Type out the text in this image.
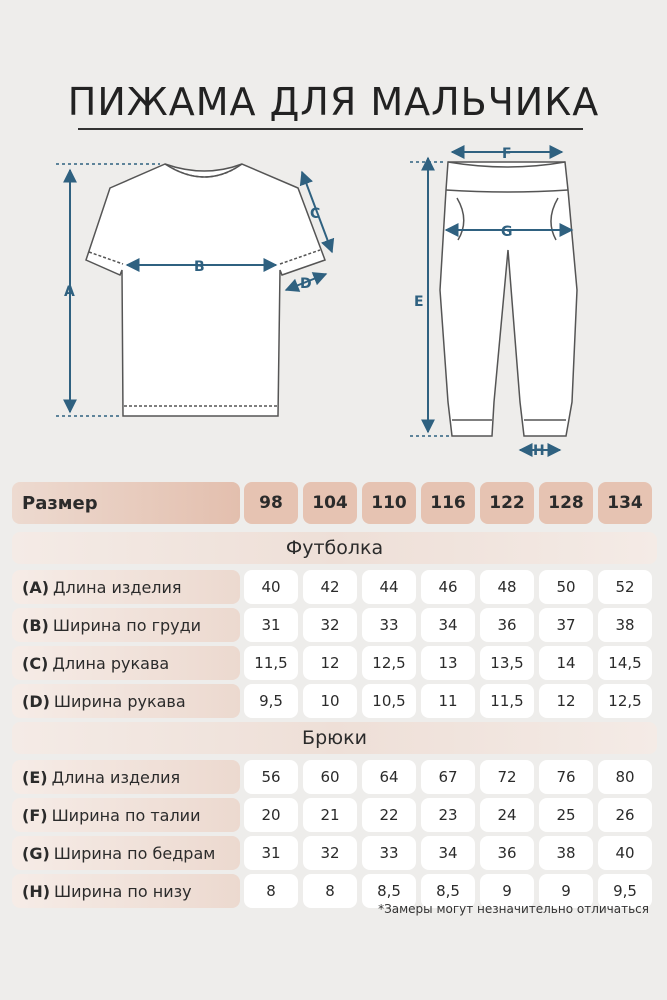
ПИЖАМА ДЛЯ МАЛЬЧИКА
A
B
C
D
E
F
G
H
Размер	98	104	110	116	122	128	134
Футболка
(A) Длина изделия	40	42	44	46	48	50	52
(B) Ширина по груди	31	32	33	34	36	37	38
(C) Длина рукава	11,5	12	12,5	13	13,5	14	14,5
(D) Ширина рукава	9,5	10	10,5	11	11,5	12	12,5
Брюки
(E) Длина изделия	56	60	64	67	72	76	80
(F) Ширина по талии	20	21	22	23	24	25	26
(G) Ширина по бедрам	31	32	33	34	36	38	40
(H) Ширина по низу	8	8	8,5	8,5	9	9	9,5
*Замеры могут незначительно отличаться
